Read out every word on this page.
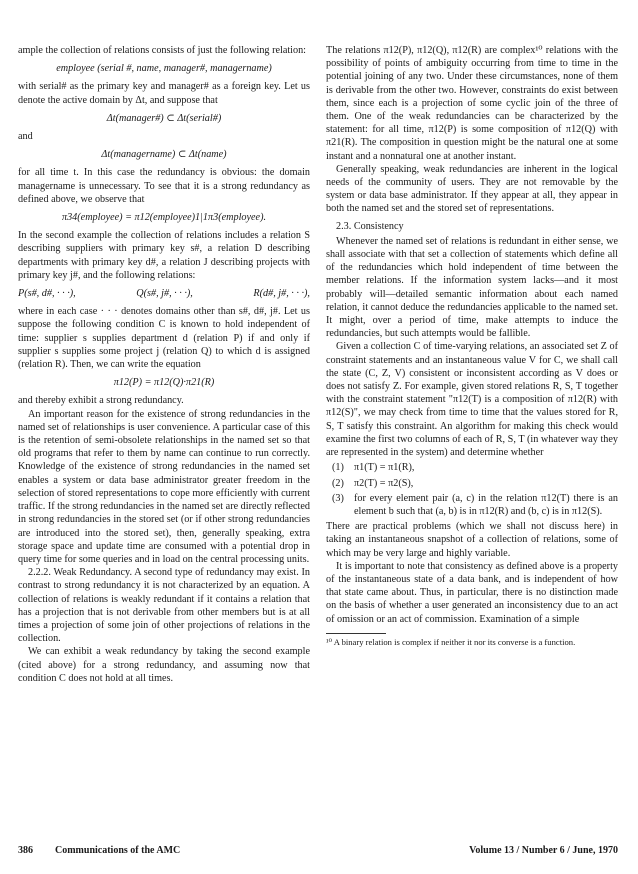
ample the collection of relations consists of just the following relation:

employee (serial #, name, manager#, managername)

with serial# as the primary key and manager# as a foreign key. Let us denote the active domain by Δt, and suppose that

Δt(manager#) ⊂ Δt(serial#)
and
Δt(managername) ⊂ Δt(name)

for all time t. In this case the redundancy is obvious: the domain managername is unnecessary. To see that it is a strong redundancy as defined above, we observe that

π34(employee) = π12(employee)1|1π3(employee).

In the second example the collection of relations includes a relation S describing suppliers with primary key s#, a relation D describing departments with primary key d#, a relation J describing projects with primary key j#, and the following relations:

P(s#, d#, · · ·),	Q(s#, j#, · · ·),	R(d#, j#, · · ·),

where in each case · · · denotes domains other than s#, d#, j#. Let us suppose the following condition C is known to hold independent of time: supplier s supplies department d (relation P) if and only if supplier s supplies some project j (relation Q) to which d is assigned (relation R). Then, we can write the equation

π12(P) = π12(Q)·π21(R)

and thereby exhibit a strong redundancy.

An important reason for the existence of strong redundancies in the named set of relationships is user convenience. A particular case of this is the retention of semi-obsolete relationships in the named set so that old programs that refer to them by name can continue to run correctly. Knowledge of the existence of strong redundancies in the named set enables a system or data base administrator greater freedom in the selection of stored representations to cope more efficiently with current traffic. If the strong redundancies in the named set are directly reflected in strong redundancies in the stored set (or if other strong redundancies are introduced into the stored set), then, generally speaking, extra storage space and update time are consumed with a potential drop in query time for some queries and in load on the central processing units.

2.2.2. Weak Redundancy. A second type of redundancy may exist. In contrast to strong redundancy it is not characterized by an equation. A collection of relations is weakly redundant if it contains a relation that has a projection that is not derivable from other members but is at all times a projection of some join of other projections of relations in the collection.

We can exhibit a weak redundancy by taking the second example (cited above) for a strong redundancy, and assuming now that condition C does not hold at all times.

The relations π12(P), π12(Q), π12(R) are complex¹⁰ relations with the possibility of points of ambiguity occurring from time to time in the potential joining of any two. Under these circumstances, none of them is derivable from the other two. However, constraints do exist between them, since each is a projection of some cyclic join of the three of them. One of the weak redundancies can be characterized by the statement: for all time, π12(P) is some composition of π12(Q) with π21(R). The composition in question might be the natural one at some instant and a nonnatural one at another instant.

Generally speaking, weak redundancies are inherent in the logical needs of the community of users. They are not removable by the system or data base administrator. If they appear at all, they appear in both the named set and the stored set of representations.

2.3. Consistency

Whenever the named set of relations is redundant in either sense, we shall associate with that set a collection of statements which define all of the redundancies which hold independent of time between the member relations. If the information system lacks—and it most probably will—detailed semantic information about each named relation, it cannot deduce the redundancies applicable to the named set. It might, over a period of time, make attempts to induce the redundancies, but such attempts would be fallible.

Given a collection C of time-varying relations, an associated set Z of constraint statements and an instantaneous value V for C, we shall call the state (C, Z, V) consistent or inconsistent according as V does or does not satisfy Z. For example, given stored relations R, S, T together with the constraint statement "π12(T) is a composition of π12(R) with π12(S)", we may check from time to time that the values stored for R, S, T satisfy this constraint. An algorithm for making this check would examine the first two columns of each of R, S, T (in whatever way they are represented in the system) and determine whether

(1) π1(T) = π1(R),
(2) π2(T) = π2(S),
(3) for every element pair (a, c) in the relation π12(T) there is an element b such that (a, b) is in π12(R) and (b, c) is in π12(S).

There are practical problems (which we shall not discuss here) in taking an instantaneous snapshot of a collection of relations, some of which may be very large and highly variable.

It is important to note that consistency as defined above is a property of the instantaneous state of a data bank, and is independent of how that state came about. Thus, in particular, there is no distinction made on the basis of whether a user generated an inconsistency due to an act of omission or an act of commission. Examination of a simple

¹⁰ A binary relation is complex if neither it nor its converse is a function.
386 Communications of the AMC	Volume 13 / Number 6 / June, 1970
